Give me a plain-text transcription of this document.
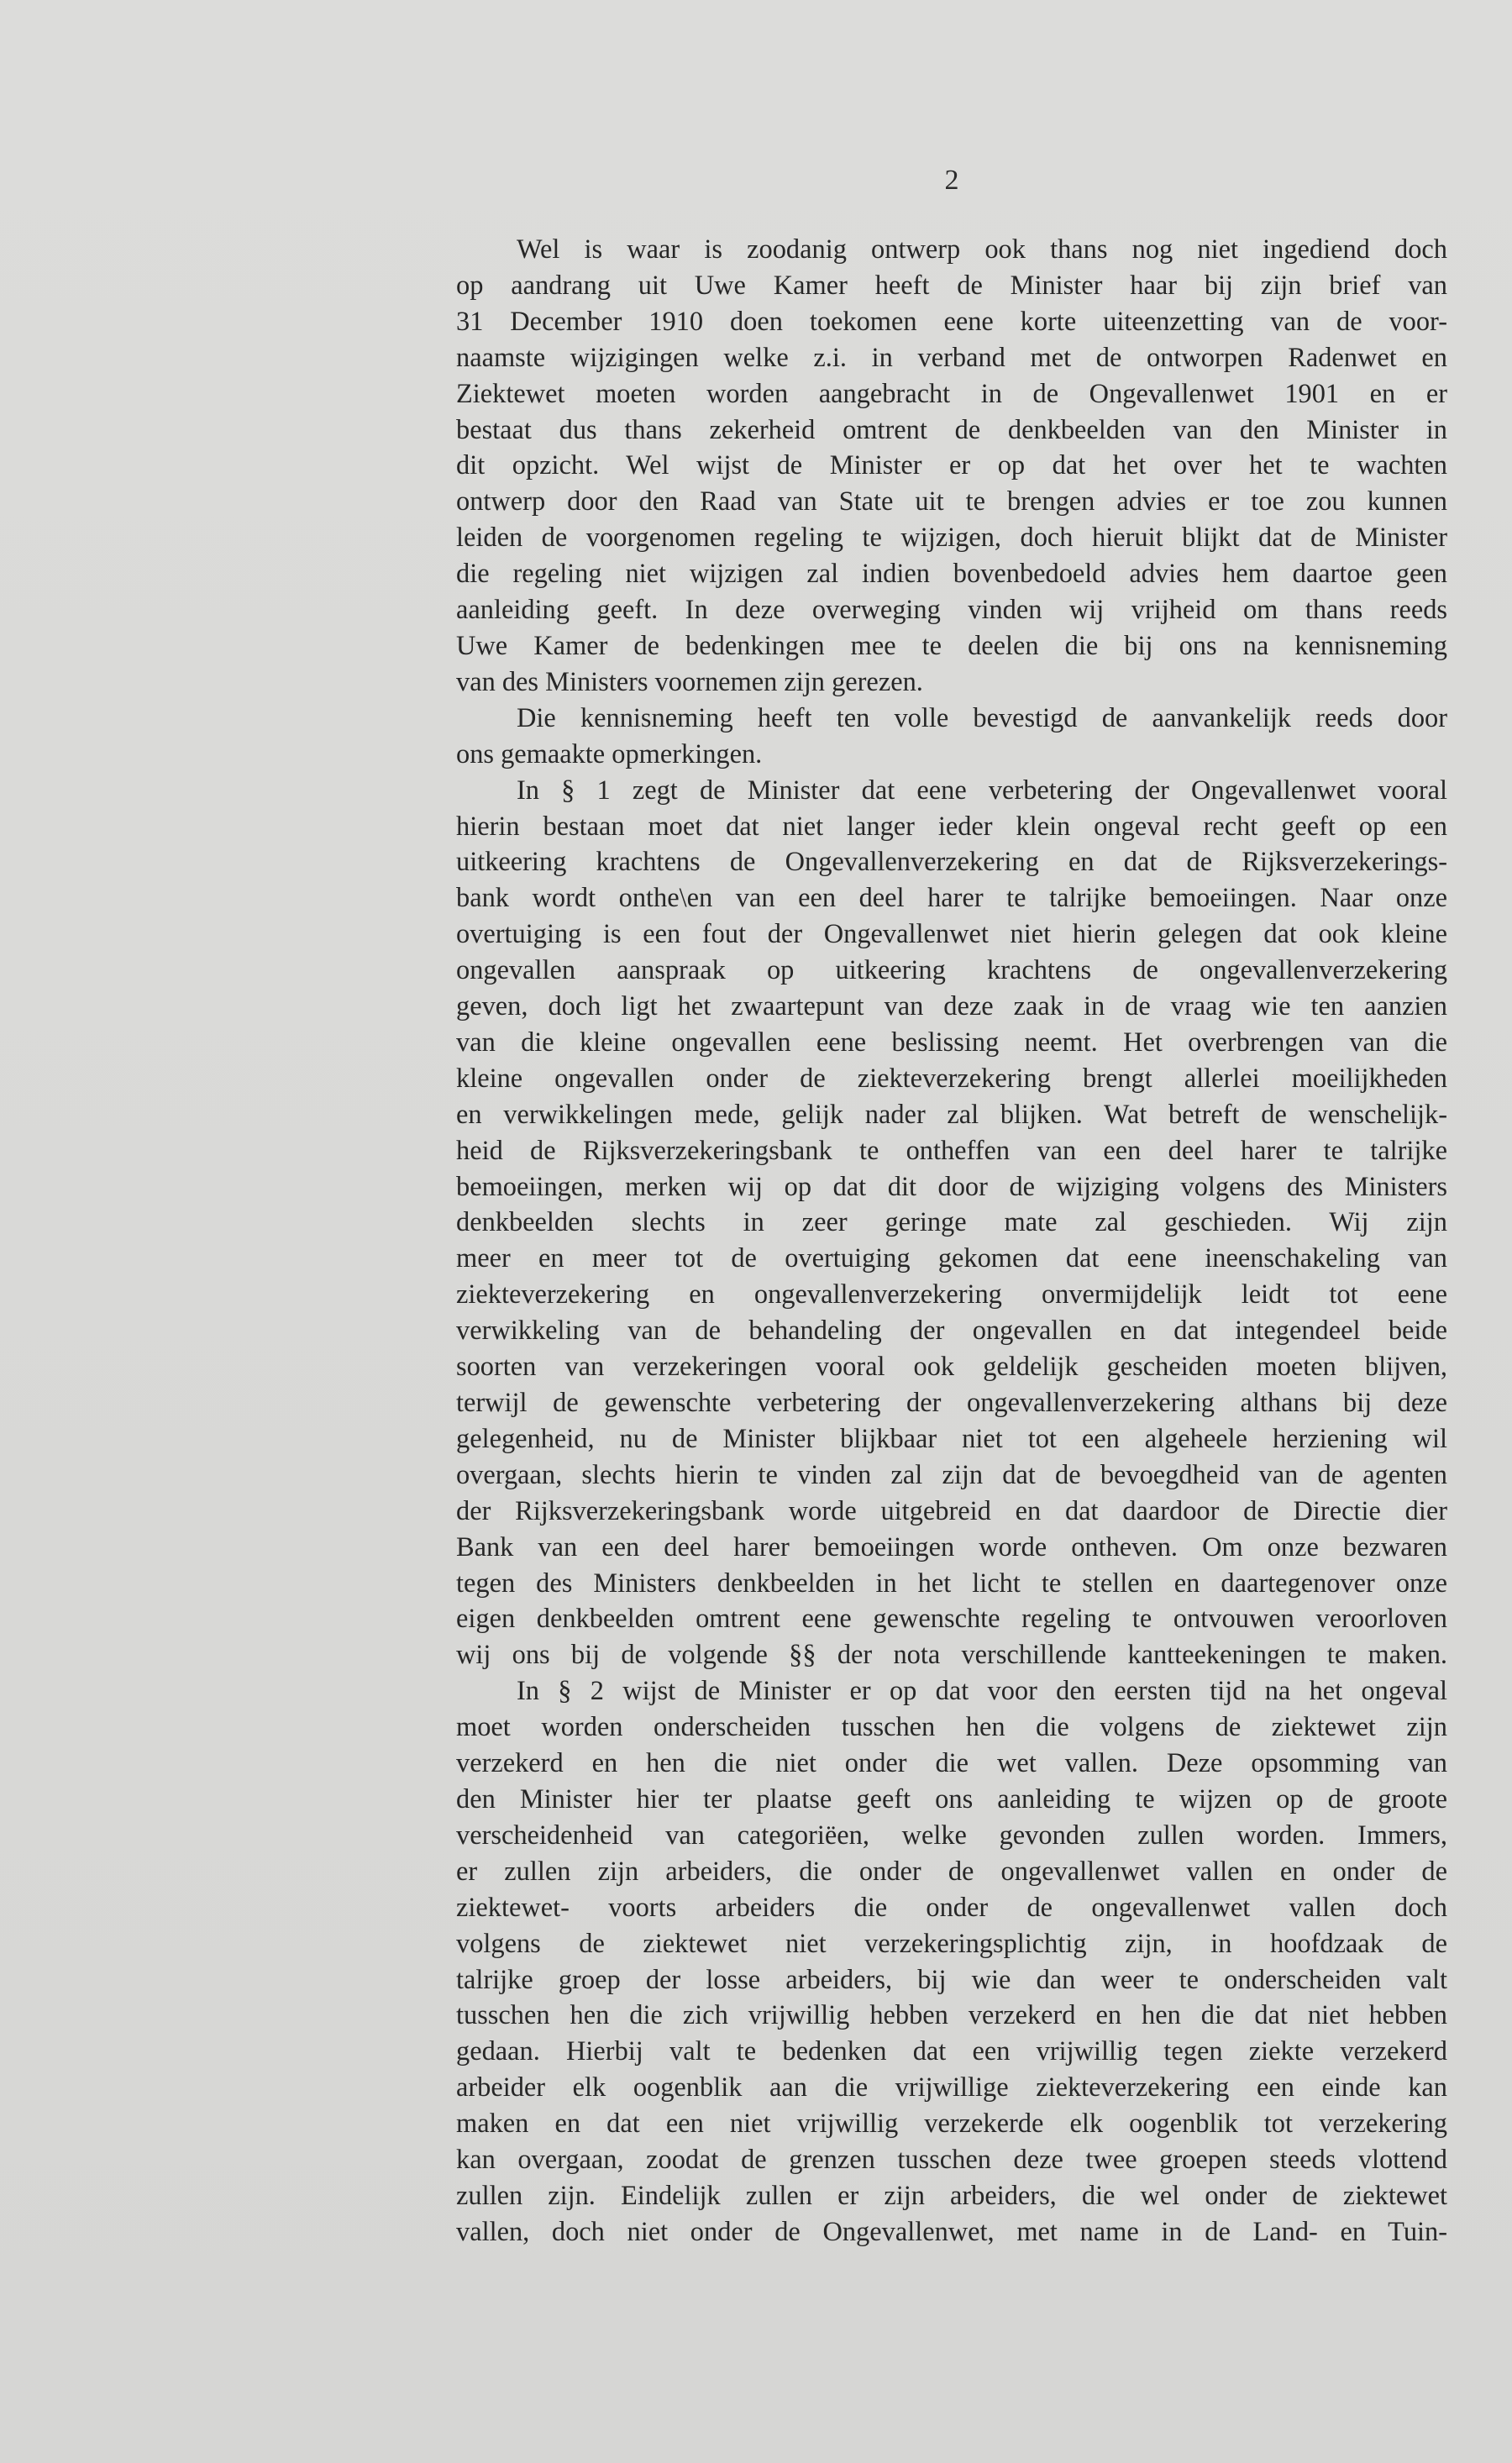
2
Wel is waar is zoodanig ontwerp ook thans nog niet ingediend doch
op aandrang uit Uwe Kamer heeft de Minister haar bij zijn brief van
31 December 1910 doen toekomen eene korte uiteenzetting van de voor-
naamste wijzigingen welke z.i. in verband met de ontworpen Radenwet en
Ziektewet moeten worden aangebracht in de Ongevallenwet 1901 en er
bestaat dus thans zekerheid omtrent de denkbeelden van den Minister in
dit opzicht. Wel wijst de Minister er op dat het over het te wachten
ontwerp door den Raad van State uit te brengen advies er toe zou kunnen
leiden de voorgenomen regeling te wijzigen, doch hieruit blijkt dat de Minister
die regeling niet wijzigen zal indien bovenbedoeld advies hem daartoe geen
aanleiding geeft. In deze overweging vinden wij vrijheid om thans reeds
Uwe Kamer de bedenkingen mee te deelen die bij ons na kennisneming
van des Ministers voornemen zijn gerezen.
Die kennisneming heeft ten volle bevestigd de aanvankelijk reeds door
ons gemaakte opmerkingen.
In § 1 zegt de Minister dat eene verbetering der Ongevallenwet vooral
hierin bestaan moet dat niet langer ieder klein ongeval recht geeft op een
uitkeering krachtens de Ongevallenverzekering en dat de Rijksverzekerings-
bank wordt onthe\en van een deel harer te talrijke bemoeiingen. Naar onze
overtuiging is een fout der Ongevallenwet niet hierin gelegen dat ook kleine
ongevallen aanspraak op uitkeering krachtens de ongevallenverzekering
geven, doch ligt het zwaartepunt van deze zaak in de vraag wie ten aanzien
van die kleine ongevallen eene beslissing neemt. Het overbrengen van die
kleine ongevallen onder de ziekteverzekering brengt allerlei moeilijkheden
en verwikkelingen mede, gelijk nader zal blijken. Wat betreft de wenschelijk-
heid de Rijksverzekeringsbank te ontheffen van een deel harer te talrijke
bemoeiingen, merken wij op dat dit door de wijziging volgens des Ministers
denkbeelden slechts in zeer geringe mate zal geschieden. Wij zijn
meer en meer tot de overtuiging gekomen dat eene ineenschakeling van
ziekteverzekering en ongevallenverzekering onvermijdelijk leidt tot eene
verwikkeling van de behandeling der ongevallen en dat integendeel beide
soorten van verzekeringen vooral ook geldelijk gescheiden moeten blijven,
terwijl de gewenschte verbetering der ongevallenverzekering althans bij deze
gelegenheid, nu de Minister blijkbaar niet tot een algeheele herziening wil
overgaan, slechts hierin te vinden zal zijn dat de bevoegdheid van de agenten
der Rijksverzekeringsbank worde uitgebreid en dat daardoor de Directie dier
Bank van een deel harer bemoeiingen worde ontheven. Om onze bezwaren
tegen des Ministers denkbeelden in het licht te stellen en daartegenover onze
eigen denkbeelden omtrent eene gewenschte regeling te ontvouwen veroorloven
wij ons bij de volgende §§ der nota verschillende kantteekeningen te maken.
In § 2 wijst de Minister er op dat voor den eersten tijd na het ongeval
moet worden onderscheiden tusschen hen die volgens de ziektewet zijn
verzekerd en hen die niet onder die wet vallen. Deze opsomming van
den Minister hier ter plaatse geeft ons aanleiding te wijzen op de groote
verscheidenheid van categoriëen, welke gevonden zullen worden. Immers,
er zullen zijn arbeiders, die onder de ongevallenwet vallen en onder de
ziektewet- voorts arbeiders die onder de ongevallenwet vallen doch
volgens de ziektewet niet verzekeringsplichtig zijn, in hoofdzaak de
talrijke groep der losse arbeiders, bij wie dan weer te onderscheiden valt
tusschen hen die zich vrijwillig hebben verzekerd en hen die dat niet hebben
gedaan. Hierbij valt te bedenken dat een vrijwillig tegen ziekte verzekerd
arbeider elk oogenblik aan die vrijwillige ziekteverzekering een einde kan
maken en dat een niet vrijwillig verzekerde elk oogenblik tot verzekering
kan overgaan, zoodat de grenzen tusschen deze twee groepen steeds vlottend
zullen zijn. Eindelijk zullen er zijn arbeiders, die wel onder de ziektewet
vallen, doch niet onder de Ongevallenwet, met name in de Land- en Tuin-
